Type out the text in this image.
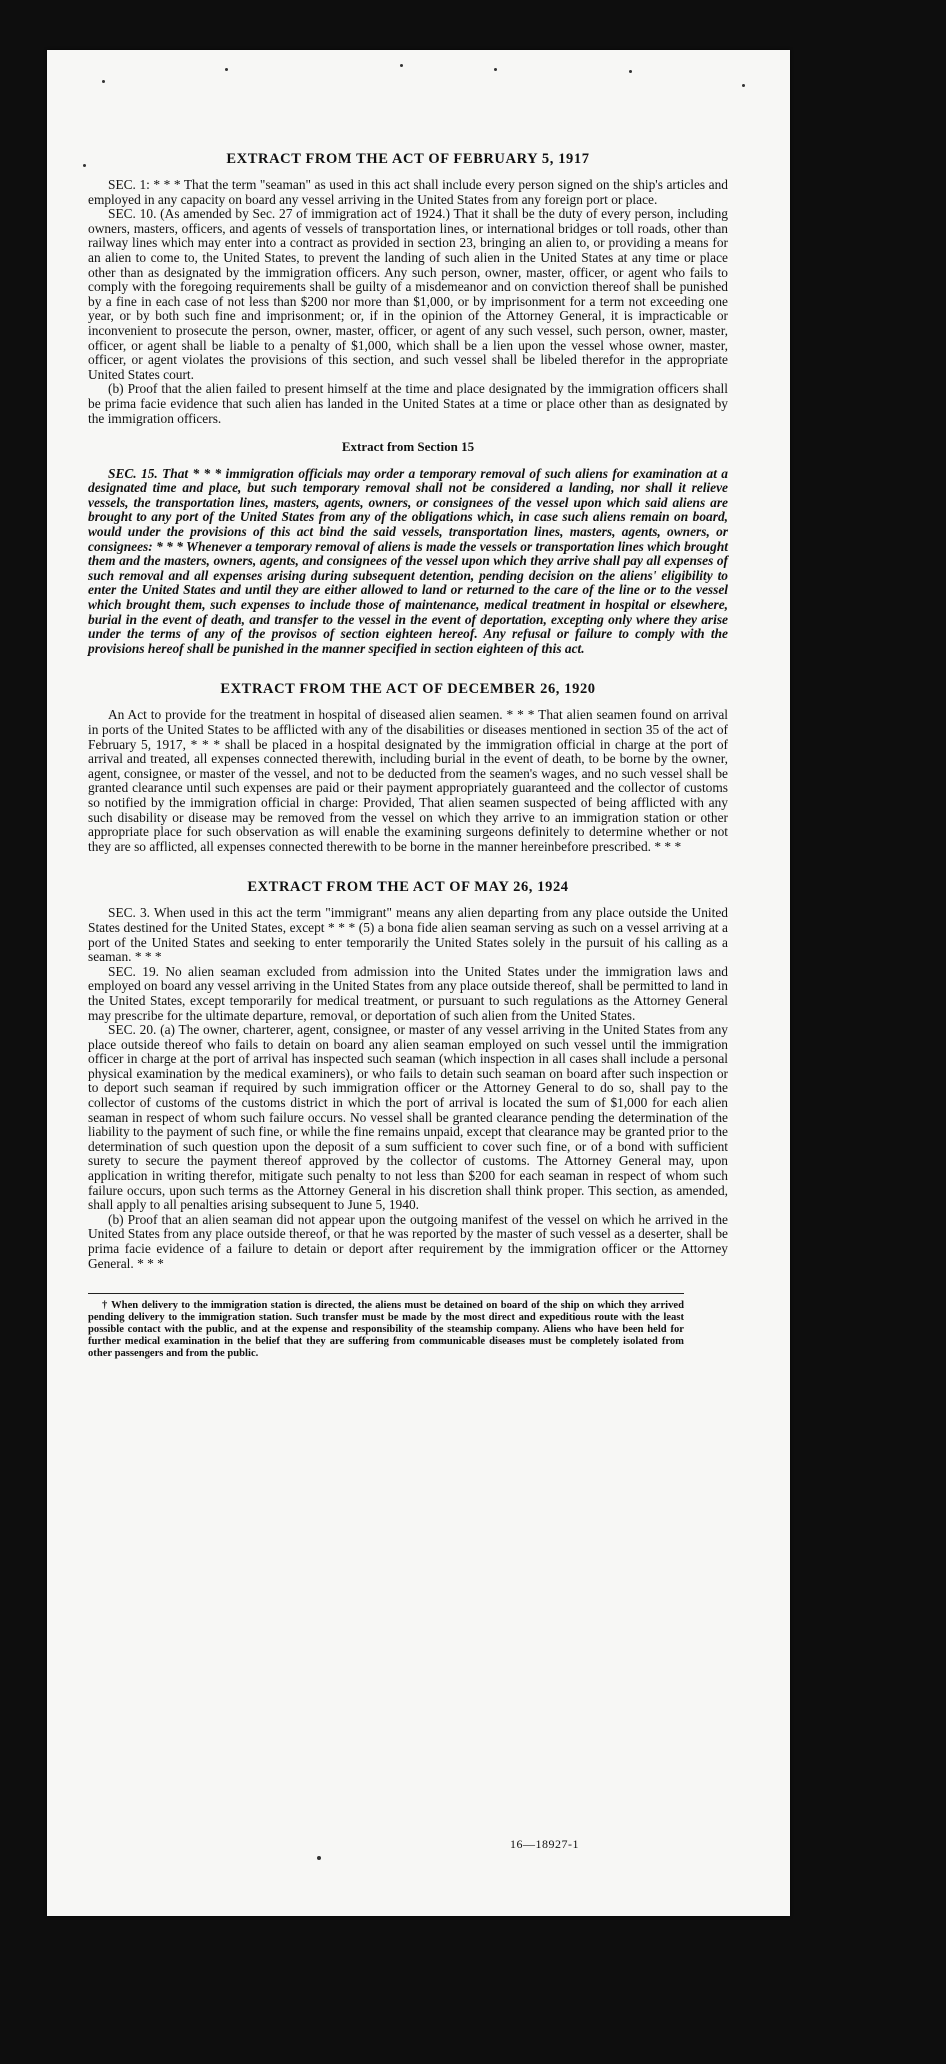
EXTRACT FROM THE ACT OF FEBRUARY 5, 1917

SEC. 1: * * * That the term "seaman" as used in this act shall include every person signed on the ship's articles and employed in any capacity on board any vessel arriving in the United States from any foreign port or place.

SEC. 10. (As amended by Sec. 27 of immigration act of 1924.) That it shall be the duty of every person, including owners, masters, officers, and agents of vessels of transportation lines, or international bridges or toll roads, other than railway lines which may enter into a contract as provided in section 23, bringing an alien to, or providing a means for an alien to come to, the United States, to prevent the landing of such alien in the United States at any time or place other than as designated by the immigration officers. Any such person, owner, master, officer, or agent who fails to comply with the foregoing requirements shall be guilty of a misdemeanor and on conviction thereof shall be punished by a fine in each case of not less than $200 nor more than $1,000, or by imprisonment for a term not exceeding one year, or by both such fine and imprisonment; or, if in the opinion of the Attorney General, it is impracticable or inconvenient to prosecute the person, owner, master, officer, or agent of any such vessel, such person, owner, master, officer, or agent shall be liable to a penalty of $1,000, which shall be a lien upon the vessel whose owner, master, officer, or agent violates the provisions of this section, and such vessel shall be libeled therefor in the appropriate United States court.

(b) Proof that the alien failed to present himself at the time and place designated by the immigration officers shall be prima facie evidence that such alien has landed in the United States at a time or place other than as designated by the immigration officers.

Extract from Section 15

SEC. 15. That * * * immigration officials may order a temporary removal of such aliens for examination at a designated time and place, but such temporary removal shall not be considered a landing, nor shall it relieve vessels, the transportation lines, masters, agents, owners, or consignees of the vessel upon which said aliens are brought to any port of the United States from any of the obligations which, in case such aliens remain on board, would under the provisions of this act bind the said vessels, transportation lines, masters, agents, owners, or consignees: * * * Whenever a temporary removal of aliens is made the vessels or transportation lines which brought them and the masters, owners, agents, and consignees of the vessel upon which they arrive shall pay all expenses of such removal and all expenses arising during subsequent detention, pending decision on the aliens' eligibility to enter the United States and until they are either allowed to land or returned to the care of the line or to the vessel which brought them, such expenses to include those of maintenance, medical treatment in hospital or elsewhere, burial in the event of death, and transfer to the vessel in the event of deportation, excepting only where they arise under the terms of any of the provisos of section eighteen hereof. Any refusal or failure to comply with the provisions hereof shall be punished in the manner specified in section eighteen of this act.

EXTRACT FROM THE ACT OF DECEMBER 26, 1920

An Act to provide for the treatment in hospital of diseased alien seamen. * * * That alien seamen found on arrival in ports of the United States to be afflicted with any of the disabilities or diseases mentioned in section 35 of the act of February 5, 1917, * * * shall be placed in a hospital designated by the immigration official in charge at the port of arrival and treated, all expenses connected therewith, including burial in the event of death, to be borne by the owner, agent, consignee, or master of the vessel, and not to be deducted from the seamen's wages, and no such vessel shall be granted clearance until such expenses are paid or their payment appropriately guaranteed and the collector of customs so notified by the immigration official in charge: Provided, That alien seamen suspected of being afflicted with any such disability or disease may be removed from the vessel on which they arrive to an immigration station or other appropriate place for such observation as will enable the examining surgeons definitely to determine whether or not they are so afflicted, all expenses connected therewith to be borne in the manner hereinbefore prescribed. * * *

EXTRACT FROM THE ACT OF MAY 26, 1924

SEC. 3. When used in this act the term "immigrant" means any alien departing from any place outside the United States destined for the United States, except * * * (5) a bona fide alien seaman serving as such on a vessel arriving at a port of the United States and seeking to enter temporarily the United States solely in the pursuit of his calling as a seaman. * * *

SEC. 19. No alien seaman excluded from admission into the United States under the immigration laws and employed on board any vessel arriving in the United States from any place outside thereof, shall be permitted to land in the United States, except temporarily for medical treatment, or pursuant to such regulations as the Attorney General may prescribe for the ultimate departure, removal, or deportation of such alien from the United States.

SEC. 20. (a) The owner, charterer, agent, consignee, or master of any vessel arriving in the United States from any place outside thereof who fails to detain on board any alien seaman employed on such vessel until the immigration officer in charge at the port of arrival has inspected such seaman (which inspection in all cases shall include a personal physical examination by the medical examiners), or who fails to detain such seaman on board after such inspection or to deport such seaman if required by such immigration officer or the Attorney General to do so, shall pay to the collector of customs of the customs district in which the port of arrival is located the sum of $1,000 for each alien seaman in respect of whom such failure occurs. No vessel shall be granted clearance pending the determination of the liability to the payment of such fine, or while the fine remains unpaid, except that clearance may be granted prior to the determination of such question upon the deposit of a sum sufficient to cover such fine, or of a bond with sufficient surety to secure the payment thereof approved by the collector of customs. The Attorney General may, upon application in writing therefor, mitigate such penalty to not less than $200 for each seaman in respect of whom such failure occurs, upon such terms as the Attorney General in his discretion shall think proper. This section, as amended, shall apply to all penalties arising subsequent to June 5, 1940.

(b) Proof that an alien seaman did not appear upon the outgoing manifest of the vessel on which he arrived in the United States from any place outside thereof, or that he was reported by the master of such vessel as a deserter, shall be prima facie evidence of a failure to detain or deport after requirement by the immigration officer or the Attorney General. * * *

† When delivery to the immigration station is directed, the aliens must be detained on board of the ship on which they arrived pending delivery to the immigration station. Such transfer must be made by the most direct and expeditious route with the least possible contact with the public, and at the expense and responsibility of the steamship company. Aliens who have been held for further medical examination in the belief that they are suffering from communicable diseases must be completely isolated from other passengers and from the public.

16—18927-1
